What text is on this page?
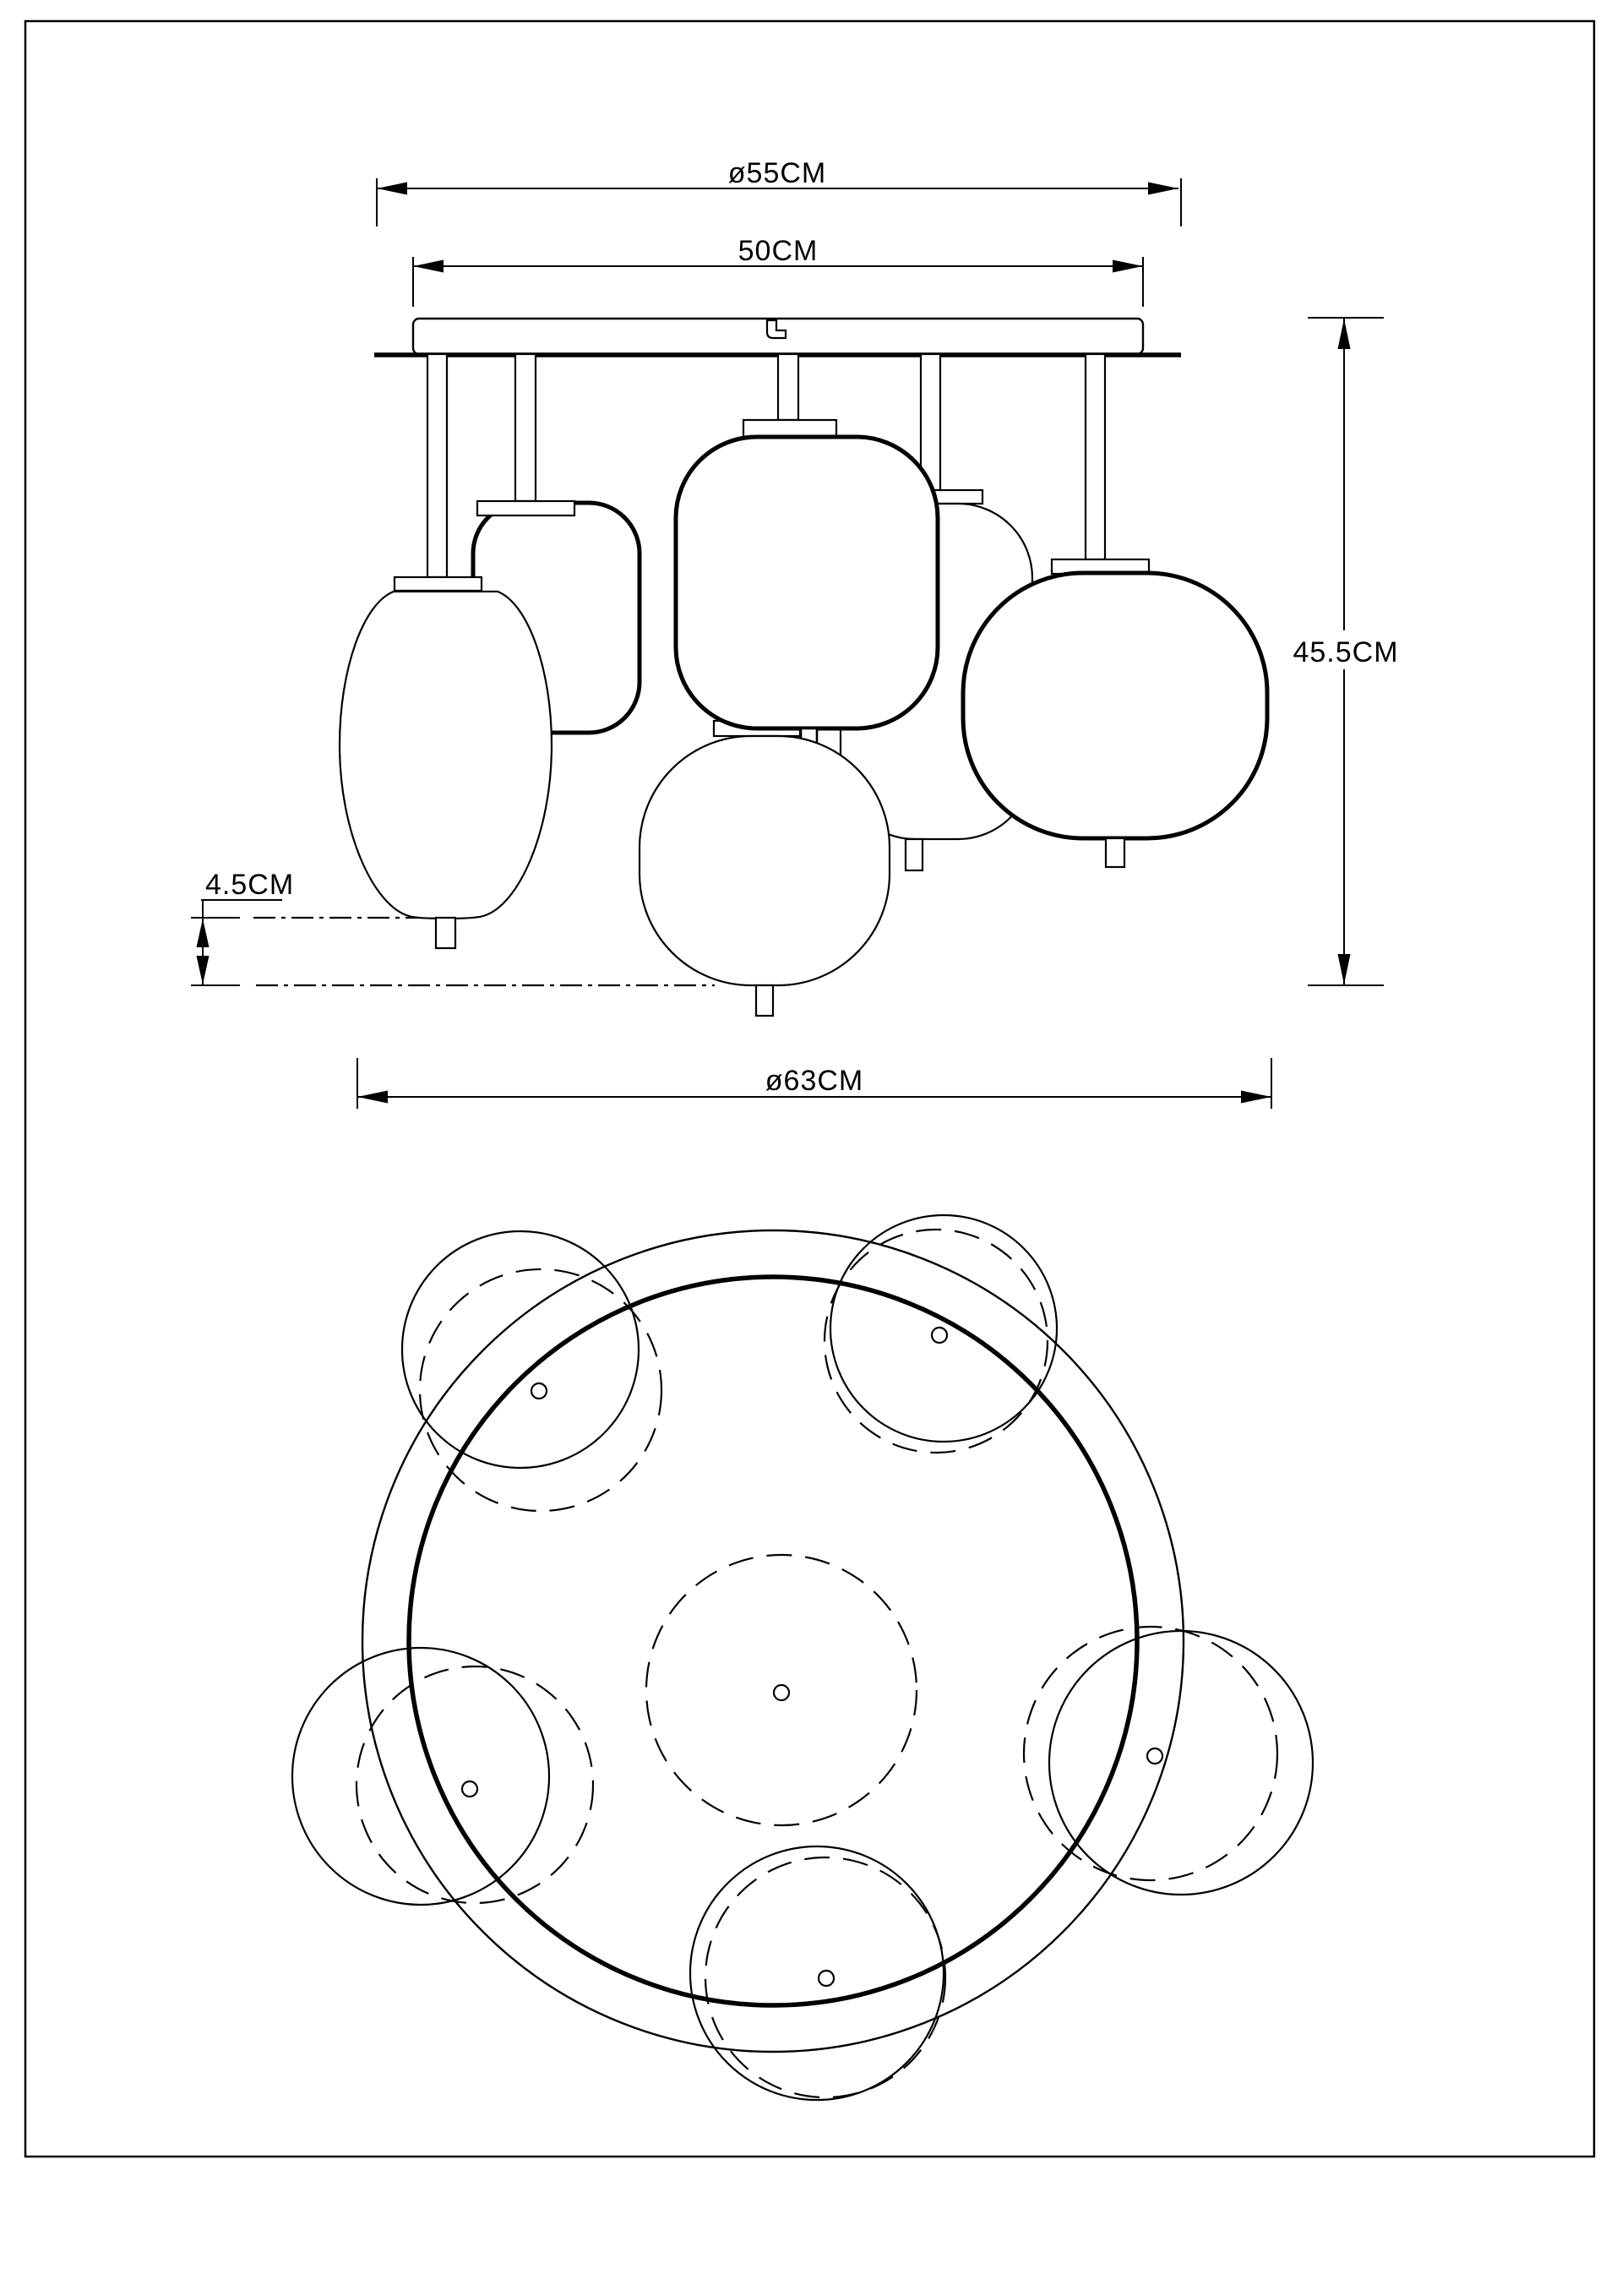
ø55CM
50CM
45.5CM
4.5CM
ø63CM
